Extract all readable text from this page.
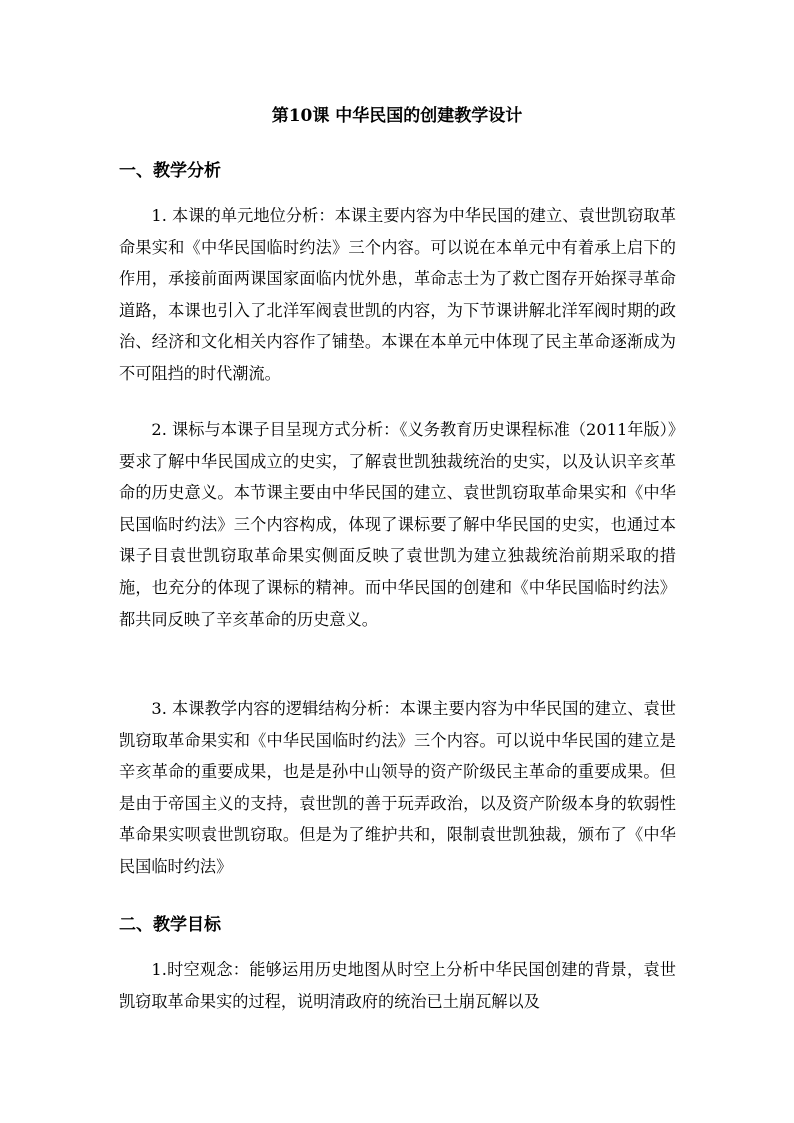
第10课 中华民国的创建教学设计
一、教学分析

1. 本课的单元地位分析：本课主要内容为中华民国的建立、袁世凯窃取革命果实和《中华民国临时约法》三个内容。可以说在本单元中有着承上启下的作用，承接前面两课国家面临内忧外患，革命志士为了救亡图存开始探寻革命道路，本课也引入了北洋军阀袁世凯的内容，为下节课讲解北洋军阀时期的政治、经济和文化相关内容作了铺垫。本课在本单元中体现了民主革命逐渐成为不可阻挡的时代潮流。

2. 课标与本课子目呈现方式分析：《义务教育历史课程标准（2011年版）》要求了解中华民国成立的史实，了解袁世凯独裁统治的史实，以及认识辛亥革命的历史意义。本节课主要由中华民国的建立、袁世凯窃取革命果实和《中华民国临时约法》三个内容构成，体现了课标要了解中华民国的史实，也通过本课子目袁世凯窃取革命果实侧面反映了袁世凯为建立独裁统治前期采取的措施，也充分的体现了课标的精神。而中华民国的创建和《中华民国临时约法》都共同反映了辛亥革命的历史意义。

3. 本课教学内容的逻辑结构分析：本课主要内容为中华民国的建立、袁世凯窃取革命果实和《中华民国临时约法》三个内容。可以说中华民国的建立是辛亥革命的重要成果，也是是孙中山领导的资产阶级民主革命的重要成果。但是由于帝国主义的支持，袁世凯的善于玩弄政治，以及资产阶级本身的软弱性革命果实呗袁世凯窃取。但是为了维护共和，限制袁世凯独裁，颁布了《中华民国临时约法》

二、教学目标

1.时空观念：能够运用历史地图从时空上分析中华民国创建的背景，袁世凯窃取革命果实的过程，说明清政府的统治已土崩瓦解以及
